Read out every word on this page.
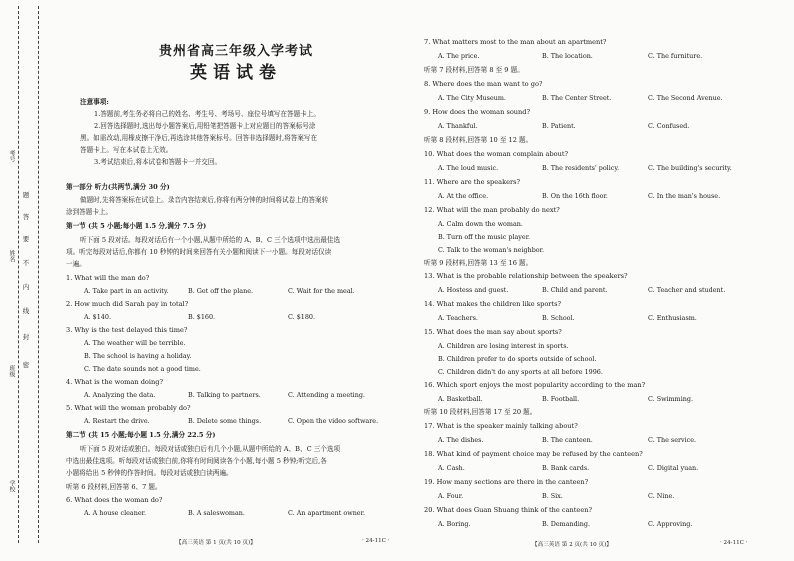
考号
姓名
班级
学校
题
答
要
不
内
线
封
密
贵州省高三年级入学考试
英语试卷
注意事项:
1.答题前,考生务必将自己的姓名、考生号、考场号、座位号填写在答题卡上。
2.回答选择题时,选出每小题答案后,用铅笔把答题卡上对应题目的答案标号涂
黑。如需改动,用橡皮擦干净后,再选涂其他答案标号。回答非选择题时,将答案写在
答题卡上。写在本试卷上无效。
3.考试结束后,将本试卷和答题卡一并交回。
第一部分 听力(共两节,满分 30 分)
做题时,先将答案标在试卷上。录音内容结束后,你将有两分钟的时间将试卷上的答案转
涂到答题卡上。
第一节 (共 5 小题;每小题 1.5 分,满分 7.5 分)
听下面 5 段对话。每段对话后有一个小题,从题中所给的 A、B、C 三个选项中选出最佳选
项。听完每段对话后,你都有 10 秒钟的时间来回答有关小题和阅读下一小题。每段对话仅读
一遍。
1. What will the man do?
A. Take part in an activity.	B. Get off the plane.	C. Wait for the meal.
2. How much did Sarah pay in total?
A. $140.	B. $160.	C. $180.
3. Why is the test delayed this time?
A. The weather will be terrible.
B. The school is having a holiday.
C. The date sounds not a good time.
4. What is the woman doing?
A. Analyzing the data.	B. Talking to partners.	C. Attending a meeting.
5. What will the woman probably do?
A. Restart the drive.	B. Delete some things.	C. Open the video software.
第二节 (共 15 小题;每小题 1.5 分,满分 22.5 分)
听下面 5 段对话或独白。每段对话或独白后有几个小题,从题中所给的 A、B、C 三个选项
中选出最佳选项。听每段对话或独白前,你将有时间阅读各个小题,每小题 5 秒钟;听完后,各
小题将给出 5 秒钟的作答时间。每段对话或独白读两遍。
听第 6 段材料,回答第 6、7 题。
6. What does the woman do?
A. A house cleaner.	B. A saleswoman.	C. An apartment owner.
【高三英语 第 1 页(共 10 页)】	· 24-11C ·
7. What matters most to the man about an apartment?
A. The price.	B. The location.	C. The furniture.
听第 7 段材料,回答第 8 至 9 题。
8. Where does the man want to go?
A. The City Museum.	B. The Center Street.	C. The Second Avenue.
9. How does the woman sound?
A. Thankful.	B. Patient.	C. Confused.
听第 8 段材料,回答第 10 至 12 题。
10. What does the woman complain about?
A. The loud music.	B. The residents' policy.	C. The building's security.
11. Where are the speakers?
A. At the office.	B. On the 16th floor.	C. In the man's house.
12. What will the man probably do next?
A. Calm down the woman.
B. Turn off the music player.
C. Talk to the woman's neighbor.
听第 9 段材料,回答第 13 至 16 题。
13. What is the probable relationship between the speakers?
A. Hostess and guest.	B. Child and parent.	C. Teacher and student.
14. What makes the children like sports?
A. Teachers.	B. School.	C. Enthusiasm.
15. What does the man say about sports?
A. Children are losing interest in sports.
B. Children prefer to do sports outside of school.
C. Children didn't do any sports at all before 1996.
16. Which sport enjoys the most popularity according to the man?
A. Basketball.	B. Football.	C. Swimming.
听第 10 段材料,回答第 17 至 20 题。
17. What is the speaker mainly talking about?
A. The dishes.	B. The canteen.	C. The service.
18. What kind of payment choice may be refused by the canteen?
A. Cash.	B. Bank cards.	C. Digital yuan.
19. How many sections are there in the canteen?
A. Four.	B. Six.	C. Nine.
20. What does Guan Shuang think of the canteen?
A. Boring.	B. Demanding.	C. Approving.
【高三英语 第 2 页(共 10 页)】	· 24-11C ·
